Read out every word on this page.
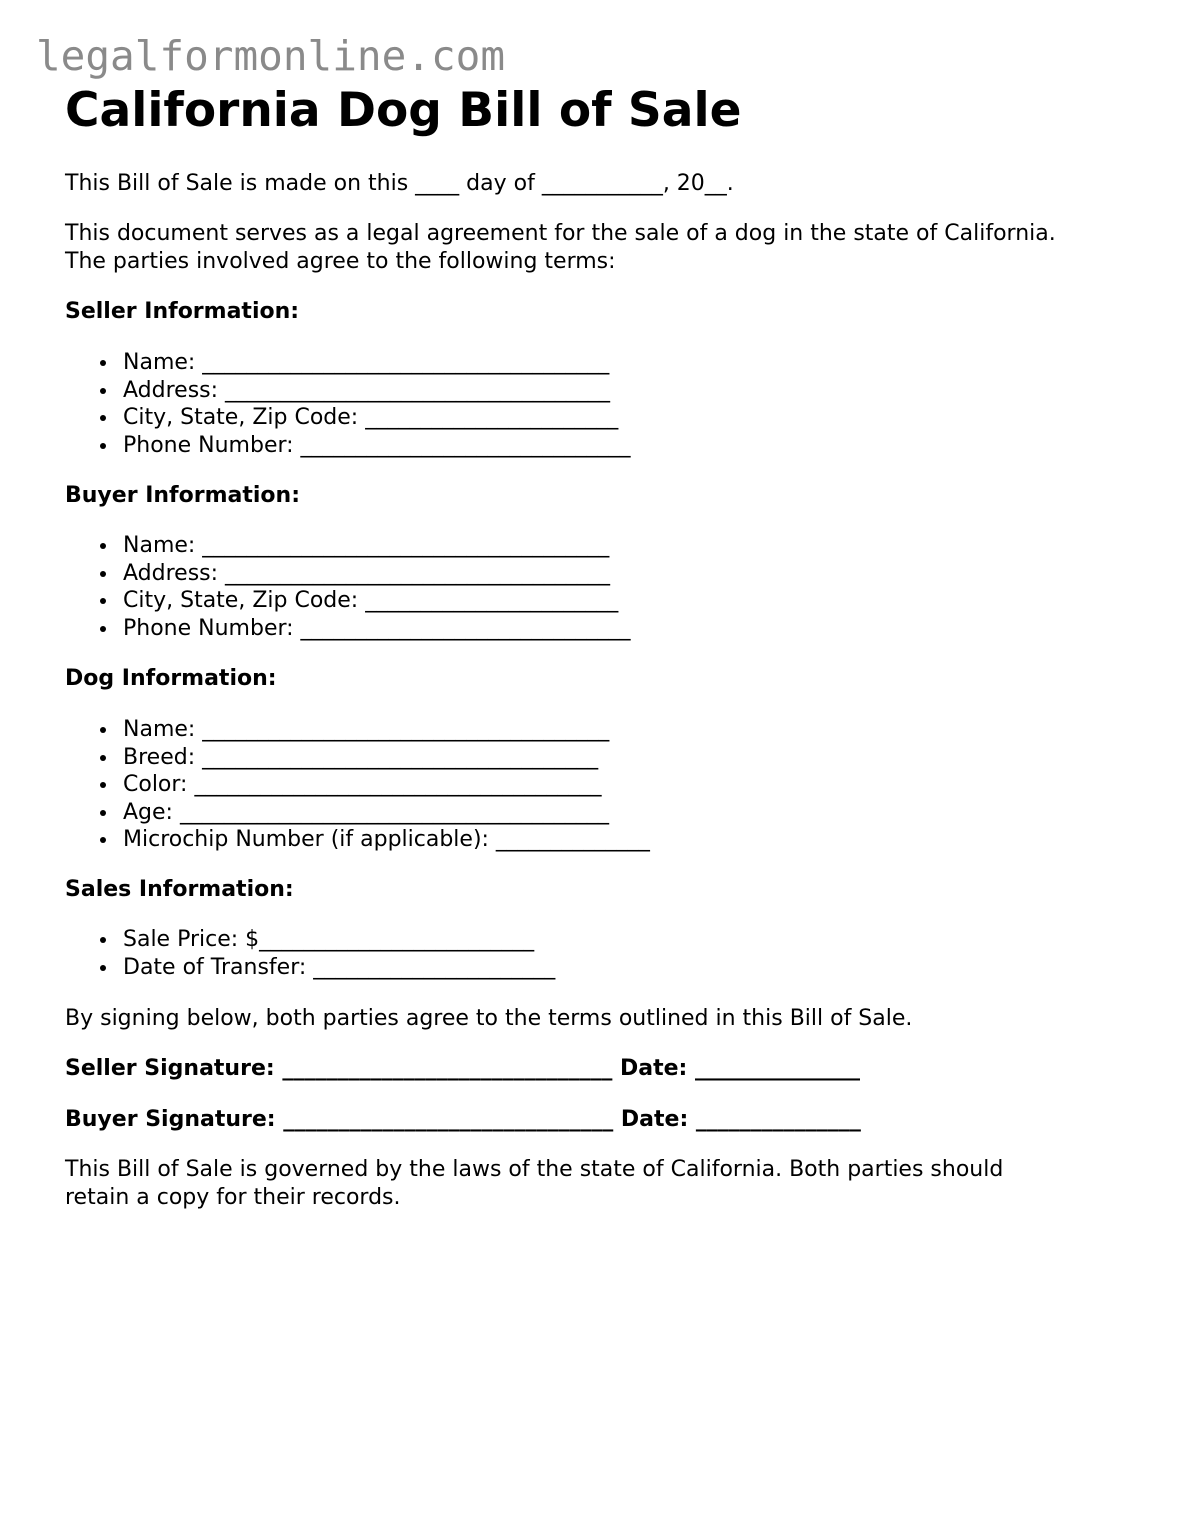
legalformonline.com
California Dog Bill of Sale

This Bill of Sale is made on this ____ day of ___________, 20__.

This document serves as a legal agreement for the sale of a dog in the state of California.
The parties involved agree to the following terms:

Seller Information:

Name: _____________________________________
Address: ___________________________________
City, State, Zip Code: _______________________
Phone Number: ______________________________

Buyer Information:

Name: _____________________________________
Address: ___________________________________
City, State, Zip Code: _______________________
Phone Number: ______________________________

Dog Information:

Name: _____________________________________
Breed: ____________________________________
Color: _____________________________________
Age: _______________________________________
Microchip Number (if applicable): ______________

Sales Information:

Sale Price: $_________________________
Date of Transfer: ______________________

By signing below, both parties agree to the terms outlined in this Bill of Sale.

Seller Signature: ______________________________ Date: _______________

Buyer Signature: ______________________________ Date: _______________

This Bill of Sale is governed by the laws of the state of California. Both parties should
retain a copy for their records.
